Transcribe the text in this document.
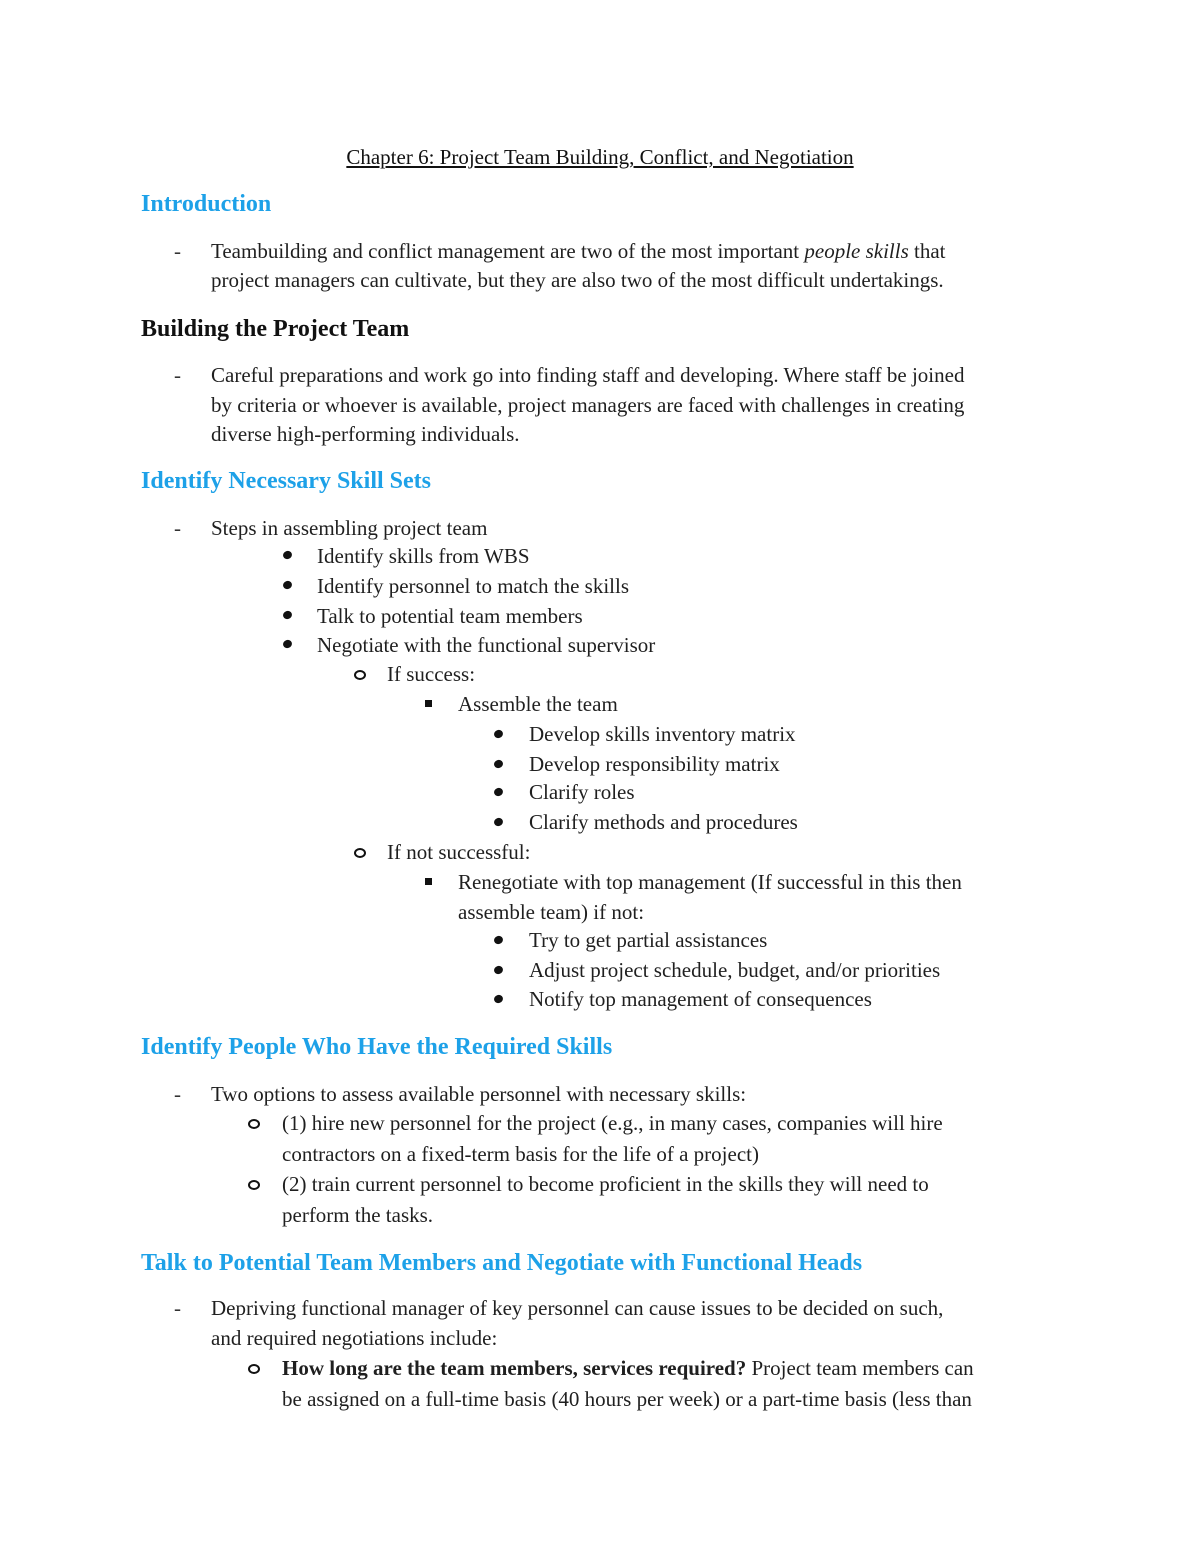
Chapter 6: Project Team Building, Conflict, and Negotiation
Introduction
- Teambuilding and conflict management are two of the most important people skills that
project managers can cultivate, but they are also two of the most difficult undertakings.
Building the Project Team
- Careful preparations and work go into finding staff and developing. Where staff be joined
by criteria or whoever is available, project managers are faced with challenges in creating
diverse high-performing individuals.
Identify Necessary Skill Sets
- Steps in assembling project team
Identify skills from WBS
Identify personnel to match the skills
Talk to potential team members
Negotiate with the functional supervisor
If success:
Assemble the team
Develop skills inventory matrix
Develop responsibility matrix
Clarify roles
Clarify methods and procedures
If not successful:
Renegotiate with top management (If successful in this then
assemble team) if not:
Try to get partial assistances
Adjust project schedule, budget, and/or priorities
Notify top management of consequences
Identify People Who Have the Required Skills
- Two options to assess available personnel with necessary skills:
(1) hire new personnel for the project (e.g., in many cases, companies will hire
contractors on a fixed-term basis for the life of a project)
(2) train current personnel to become proficient in the skills they will need to
perform the tasks.
Talk to Potential Team Members and Negotiate with Functional Heads
- Depriving functional manager of key personnel can cause issues to be decided on such,
and required negotiations include:
How long are the team members, services required? Project team members can
be assigned on a full-time basis (40 hours per week) or a part-time basis (less than
